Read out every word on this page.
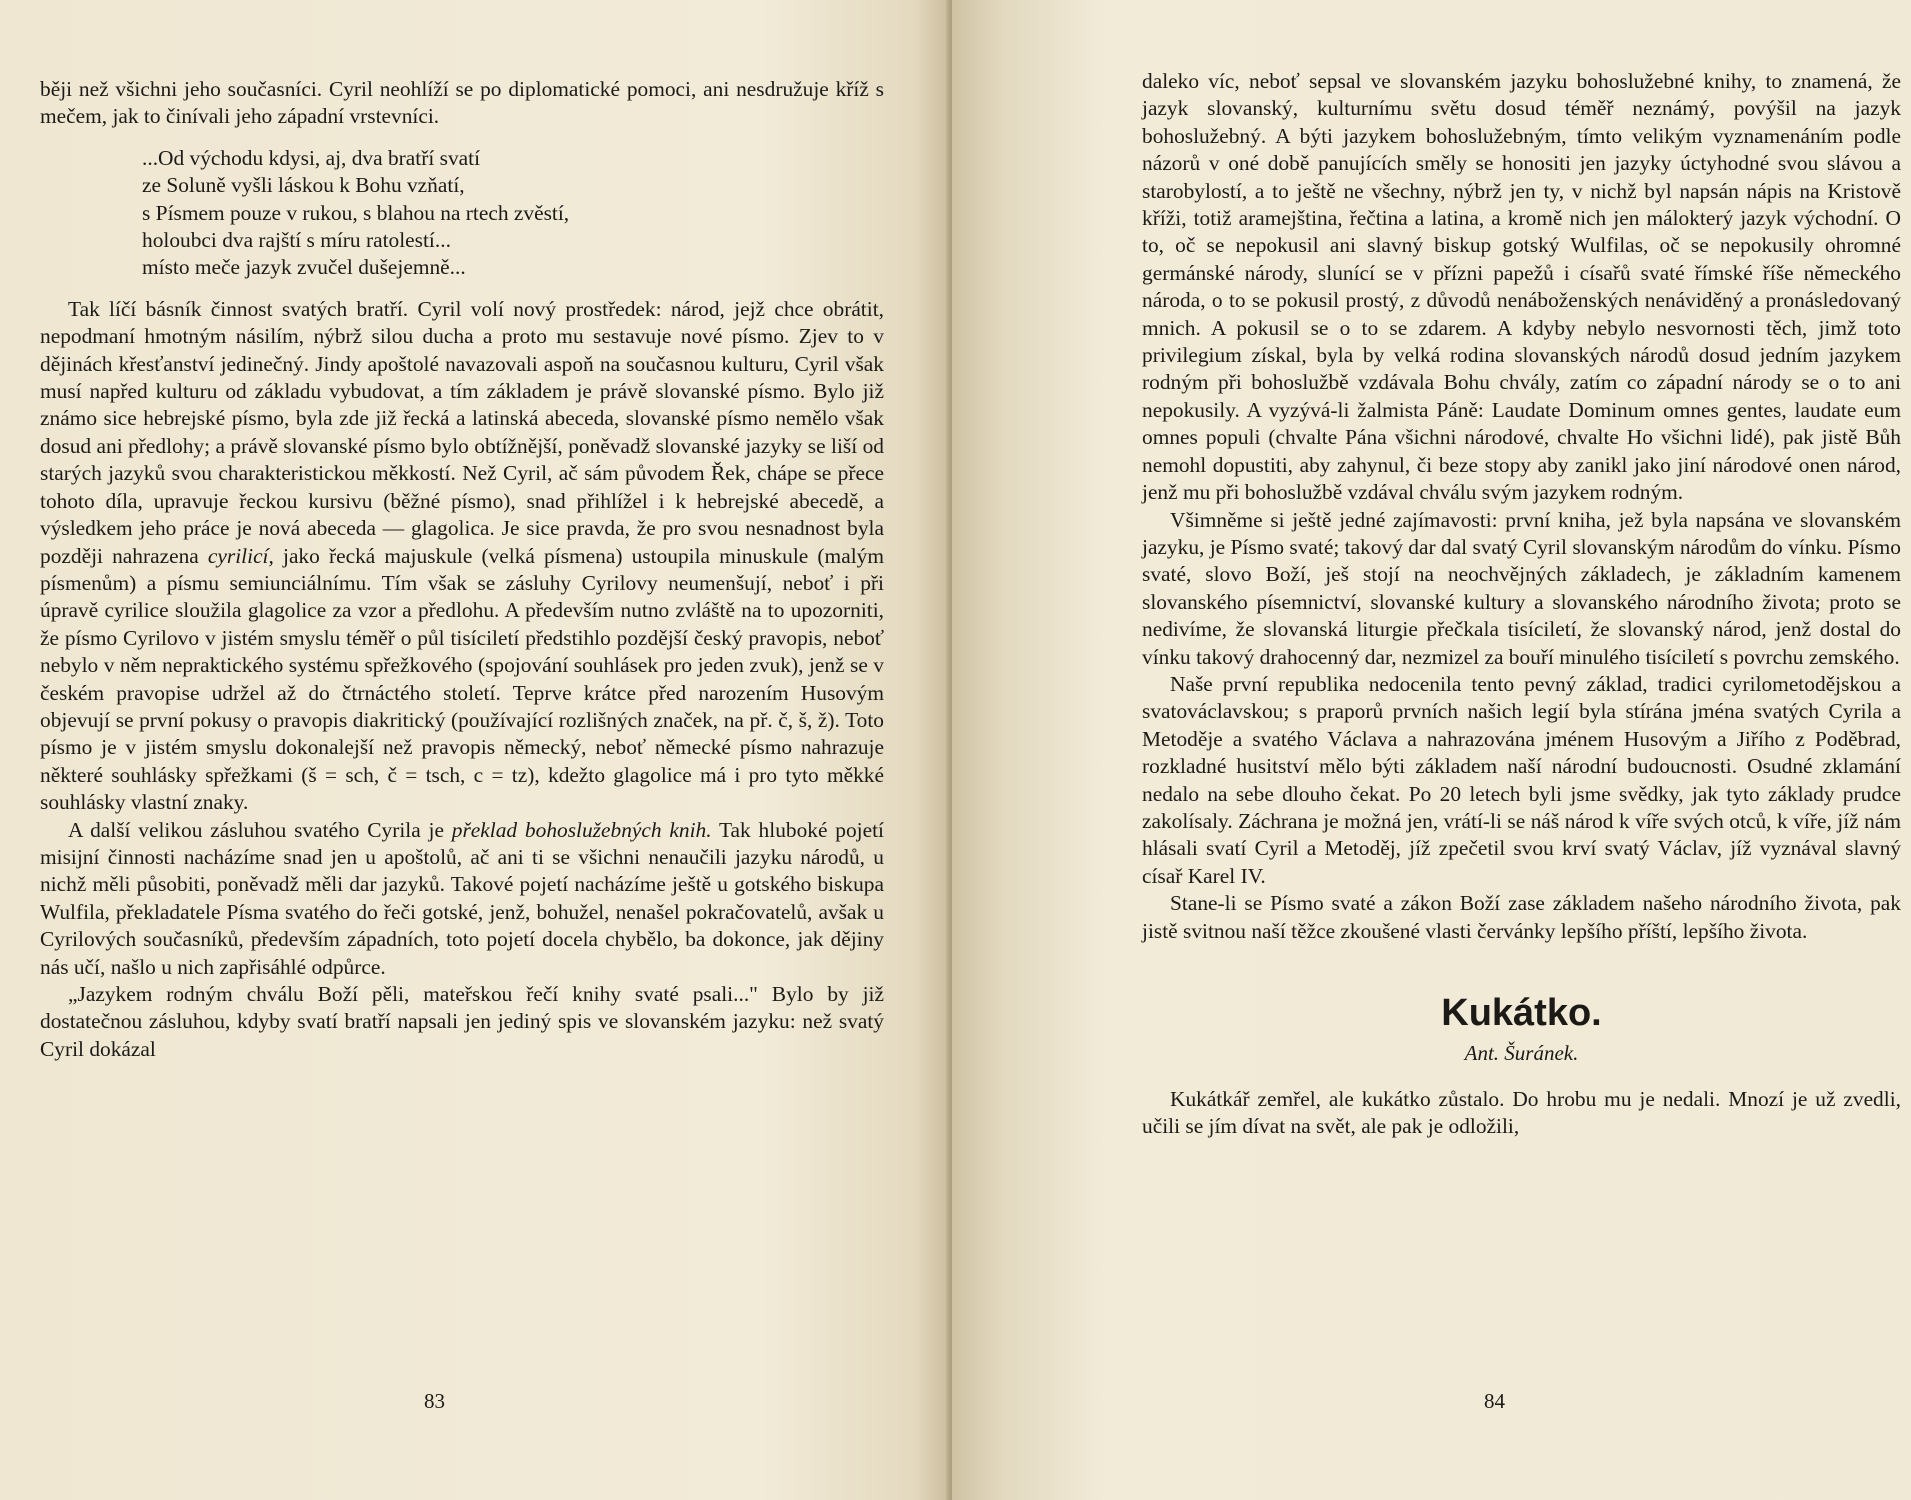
běji než všichni jeho současníci. Cyril neohlíží se po diplomatické pomoci, ani nesdružuje kříž s mečem, jak to činívali jeho západní vrstevníci.

...Od východu kdysi, aj, dva bratří svatí
ze Soluně vyšli láskou k Bohu vzňatí,
s Písmem pouze v rukou, s blahou na rtech zvěstí,
holoubci dva rajští s míru ratolestí...
místo meče jazyk zvučel dušejemně...

Tak líčí básník činnost svatých bratří. Cyril volí nový prostředek: národ, jejž chce obrátit, nepodmaní hmotným násilím, nýbrž silou ducha a proto mu sestavuje nové písmo. Zjev to v dějinách křesťanství jedinečný. Jindy apoštolé navazovali aspoň na současnou kulturu, Cyril však musí napřed kulturu od základu vybudovat, a tím základem je právě slovanské písmo. Bylo již známo sice hebrejské písmo, byla zde již řecká a latinská abeceda, slovanské písmo nemělo však dosud ani předlohy; a právě slovanské písmo bylo obtížnější, poněvadž slovanské jazyky se liší od starých jazyků svou charakteristickou měkkostí. Než Cyril, ač sám původem Řek, chápe se přece tohoto díla, upravuje řeckou kursivu (běžné písmo), snad přihlížel i k hebrejské abecedě, a výsledkem jeho práce je nová abeceda — glagolica. Je sice pravda, že pro svou nesnadnost byla později nahrazena cyrilicí, jako řecká majuskule (velká písmena) ustoupila minuskule (malým písmenům) a písmu semiunciálnímu. Tím však se zásluhy Cyrilovy neumenšují, neboť i při úpravě cyrilice sloužila glagolice za vzor a předlohu. A především nutno zvláště na to upozorniti, že písmo Cyrilovo v jistém smyslu téměř o půl tisíciletí předstihlo pozdější český pravopis, neboť nebylo v něm nepraktického systému spřežkového (spojování souhlásek pro jeden zvuk), jenž se v českém pravopise udržel až do čtrnáctého století. Teprve krátce před narozením Husovým objevují se první pokusy o pravopis diakritický (používající rozlišných značek, na př. č, š, ž). Toto písmo je v jistém smyslu dokonalejší než pravopis německý, neboť německé písmo nahrazuje některé souhlásky spřežkami (š = sch, č = tsch, c = tz), kdežto glagolice má i pro tyto měkké souhlásky vlastní znaky.

A další velikou zásluhou svatého Cyrila je překlad bohoslužebných knih. Tak hluboké pojetí misijní činnosti nacházíme snad jen u apoštolů, ač ani ti se všichni nenaučili jazyku národů, u nichž měli působiti, poněvadž měli dar jazyků. Takové pojetí nacházíme ještě u gotského biskupa Wulfila, překladatele Písma svatého do řeči gotské, jenž, bohužel, nenašel pokračovatelů, avšak u Cyrilových současníků, především západních, toto pojetí docela chybělo, ba dokonce, jak dějiny nás učí, našlo u nich zapřisáhlé odpůrce.

„Jazykem rodným chválu Boží pěli, mateřskou řečí knihy svaté psali..." Bylo by již dostatečnou zásluhou, kdyby svatí bratří napsali jen jediný spis ve slovanském jazyku: než svatý Cyril dokázal

83

daleko víc, neboť sepsal ve slovanském jazyku bohoslužebné knihy, to znamená, že jazyk slovanský, kulturnímu světu dosud téměř neznámý, povýšil na jazyk bohoslužebný. A býti jazykem bohoslužebným, tímto velikým vyznamenáním podle názorů v oné době panujících směly se honositi jen jazyky úctyhodné svou slávou a starobylostí, a to ještě ne všechny, nýbrž jen ty, v nichž byl napsán nápis na Kristově kříži, totiž aramejština, řečtina a latina, a kromě nich jen málokterý jazyk východní. O to, oč se nepokusil ani slavný biskup gotský Wulfilas, oč se nepokusily ohromné germánské národy, slunící se v přízni papežů i císařů svaté římské říše německého národa, o to se pokusil prostý, z důvodů nenáboženských nenáviděný a pronásledovaný mnich. A pokusil se o to se zdarem. A kdyby nebylo nesvornosti těch, jimž toto privilegium získal, byla by velká rodina slovanských národů dosud jedním jazykem rodným při bohoslužbě vzdávala Bohu chvály, zatím co západní národy se o to ani nepokusily. A vyzývá-li žalmista Páně: Laudate Dominum omnes gentes, laudate eum omnes populi (chvalte Pána všichni národové, chvalte Ho všichni lidé), pak jistě Bůh nemohl dopustiti, aby zahynul, či beze stopy aby zanikl jako jiní národové onen národ, jenž mu při bohoslužbě vzdával chválu svým jazykem rodným.

Všimněme si ještě jedné zajímavosti: první kniha, jež byla napsána ve slovanském jazyku, je Písmo svaté; takový dar dal svatý Cyril slovanským národům do vínku. Písmo svaté, slovo Boží, ješ stojí na neochvějných základech, je základním kamenem slovanského písemnictví, slovanské kultury a slovanského národního života; proto se nedivíme, že slovanská liturgie přečkala tisíciletí, že slovanský národ, jenž dostal do vínku takový drahocenný dar, nezmizel za bouří minulého tisíciletí s povrchu zemského.

Naše první republika nedocenila tento pevný základ, tradici cyrilometodějskou a svatováclavskou; s praporů prvních našich legií byla stírána jména svatých Cyrila a Metoděje a svatého Václava a nahrazována jménem Husovým a Jiřího z Poděbrad, rozkladné husitství mělo býti základem naší národní budoucnosti. Osudné zklamání nedalo na sebe dlouho čekat. Po 20 letech byli jsme svědky, jak tyto základy prudce zakolísaly. Záchrana je možná jen, vrátí-li se náš národ k víře svých otců, k víře, jíž nám hlásali svatí Cyril a Metoděj, jíž zpečetil svou krví svatý Václav, jíž vyznával slavný císař Karel IV.

Stane-li se Písmo svaté a zákon Boží zase základem našeho národního života, pak jistě svitnou naší těžce zkoušené vlasti červánky lepšího příští, lepšího života.

Kukátko.
Ant. Šuránek.

Kukátkář zemřel, ale kukátko zůstalo. Do hrobu mu je nedali. Mnozí je už zvedli, učili se jím dívat na svět, ale pak je odložili,

84
